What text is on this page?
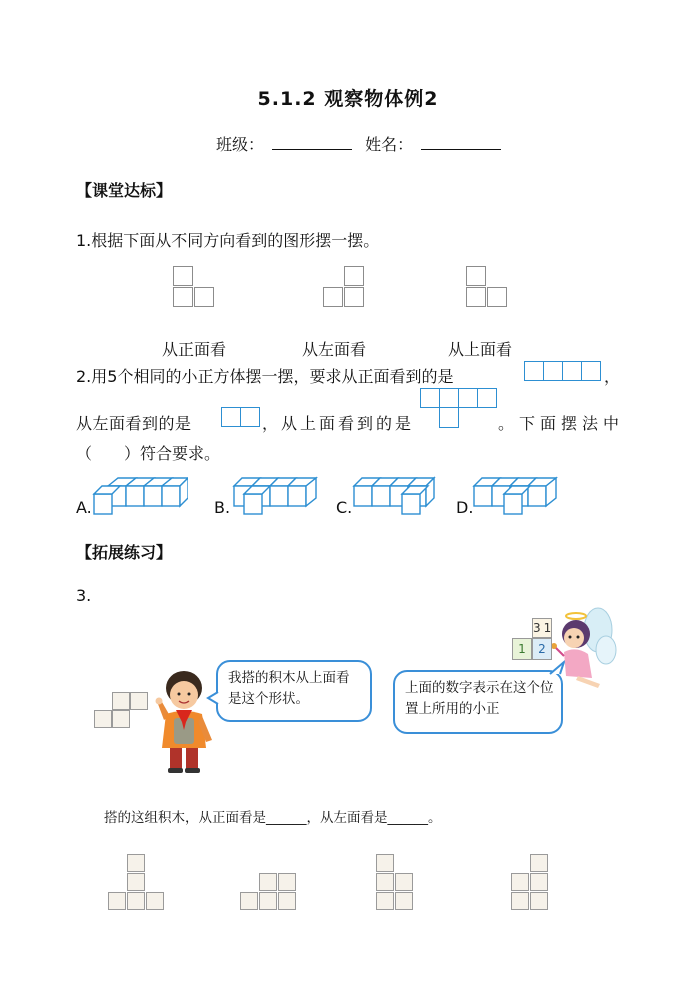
5.1.2 观察物体例2
班级：	姓名：
【课堂达标】
1.根据下面从不同方向看到的图形摆一摆。
从正面看	从左面看	从上面看
2.用5个相同的小正方体摆一摆，要求从正面看到的是	，
从左面看到的是	，从上面看到的是	。下面摆法中
（　　）符合要求。
A.	B.	C.	D.
【拓展练习】
3.
我搭的积木从上面看是这个形状。
上面的数字表示在这个位置上所用的小正
3 1
1	2
搭的这组积木，从正面看是______，从左面看是______。
